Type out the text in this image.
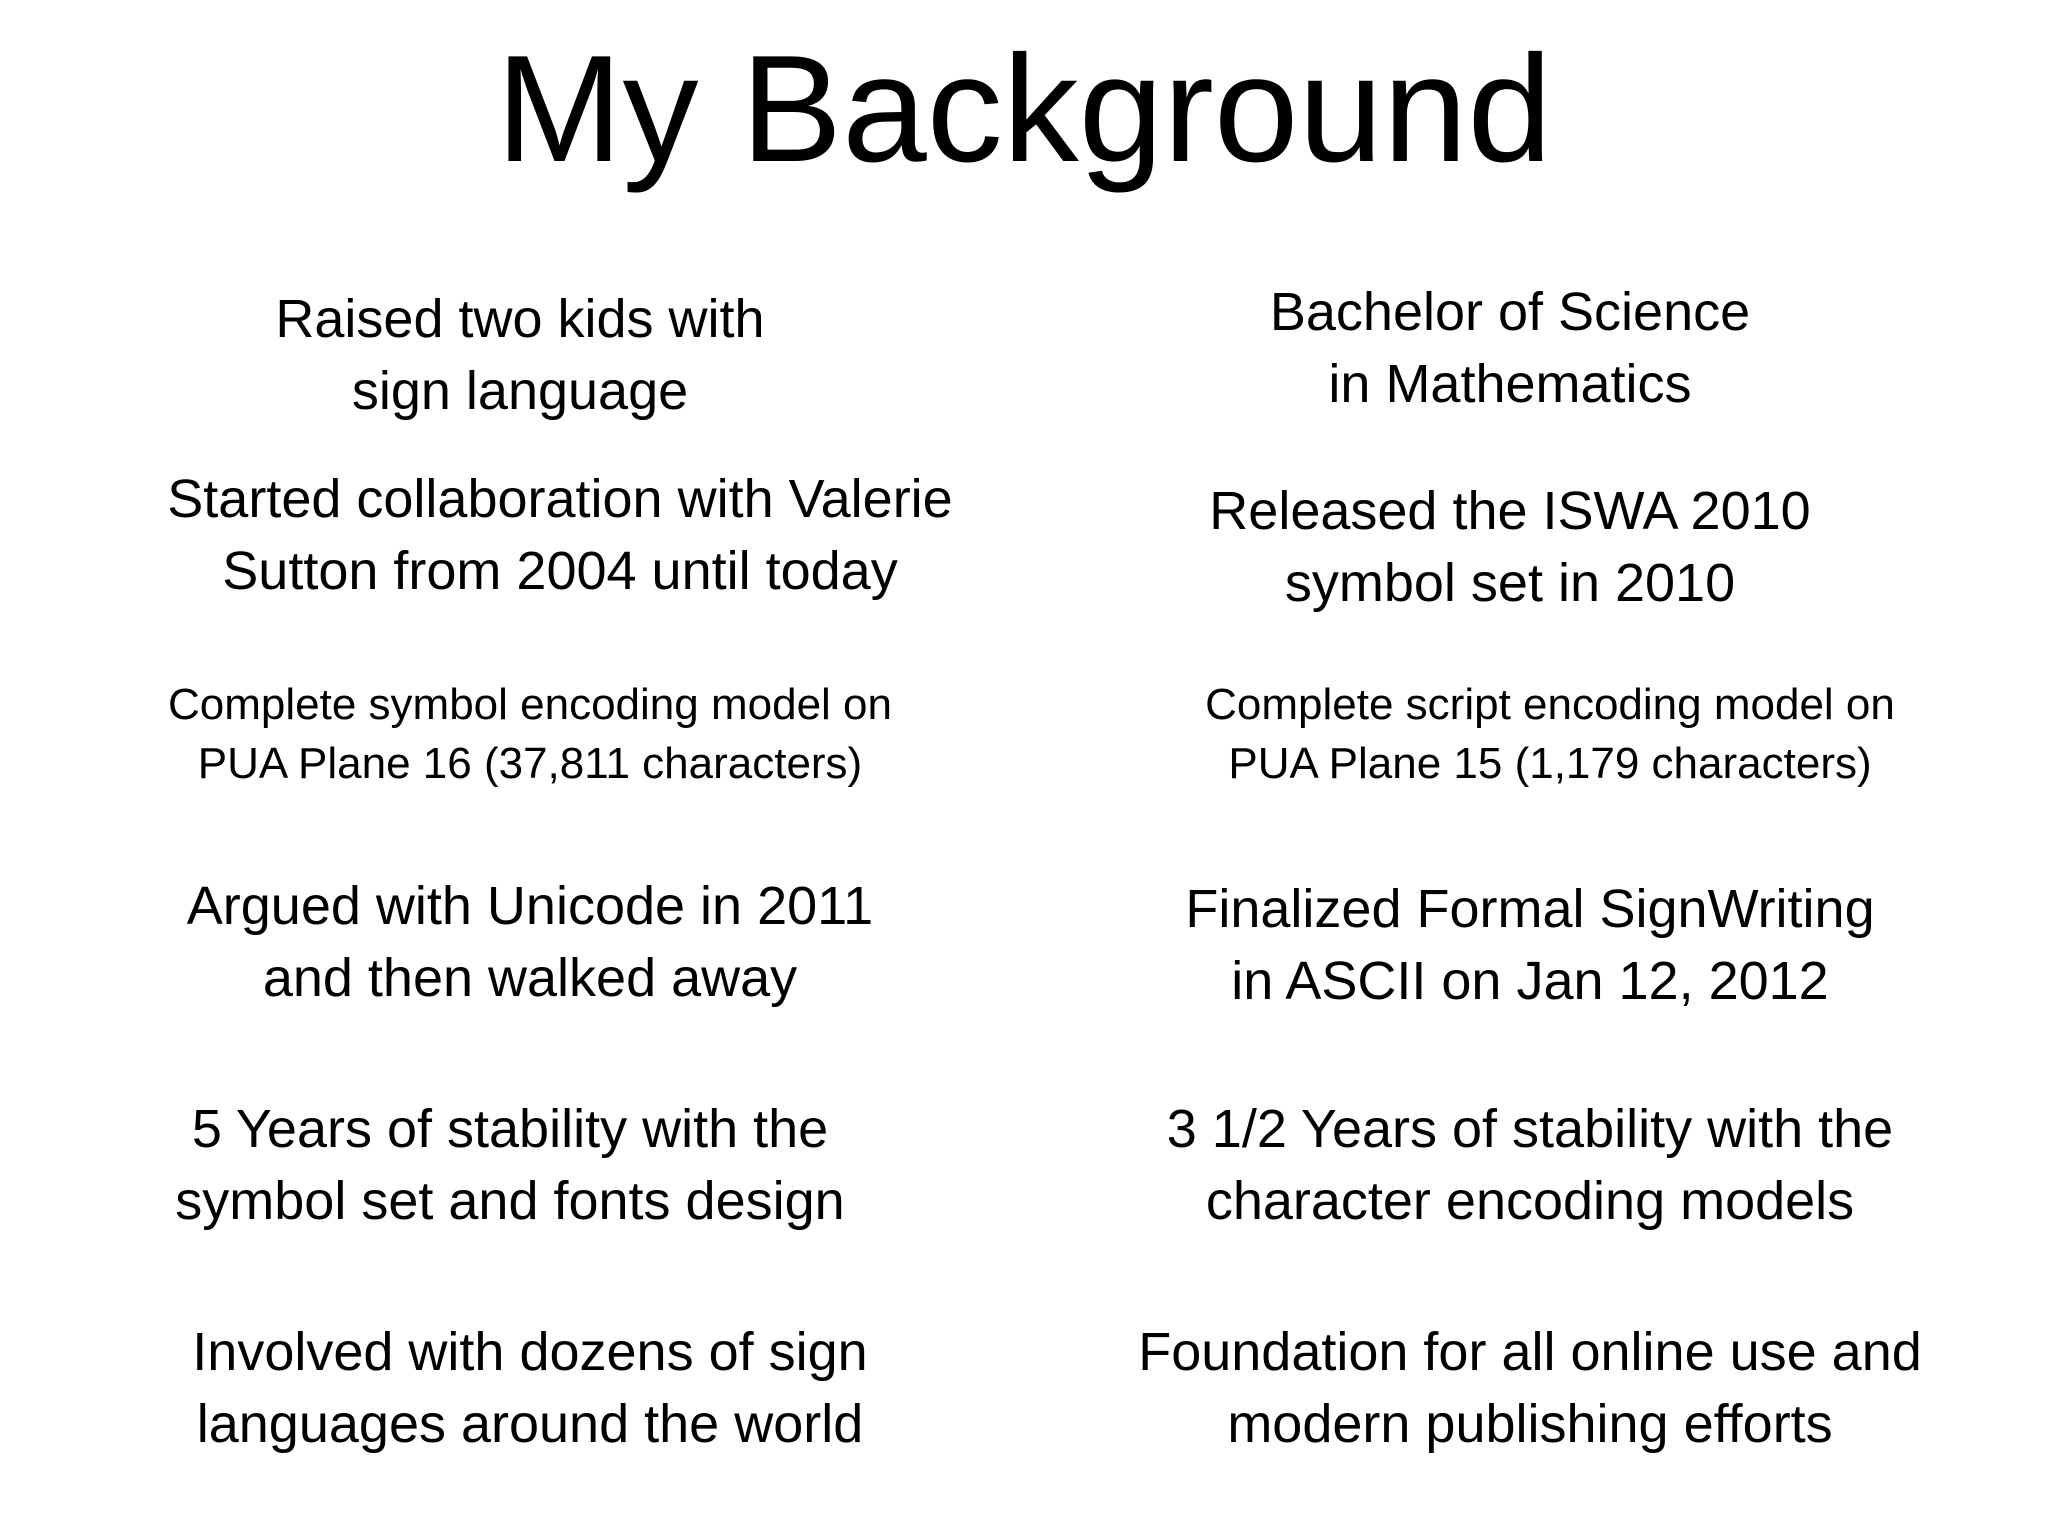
My Background
Raised two kids with
sign language
Started collaboration with Valerie
Sutton from 2004 until today
Complete symbol encoding model on
PUA Plane 16 (37,811 characters)
Argued with Unicode in 2011
and then walked away
5 Years of stability with the
symbol set and fonts design
Involved with dozens of sign
languages around the world
Bachelor of Science
in Mathematics
Released the ISWA 2010
symbol set in 2010
Complete script encoding model on
PUA Plane 15 (1,179 characters)
Finalized Formal SignWriting
in ASCII on Jan 12, 2012
3 1/2 Years of stability with the
character encoding models
Foundation for all online use and
modern publishing efforts
